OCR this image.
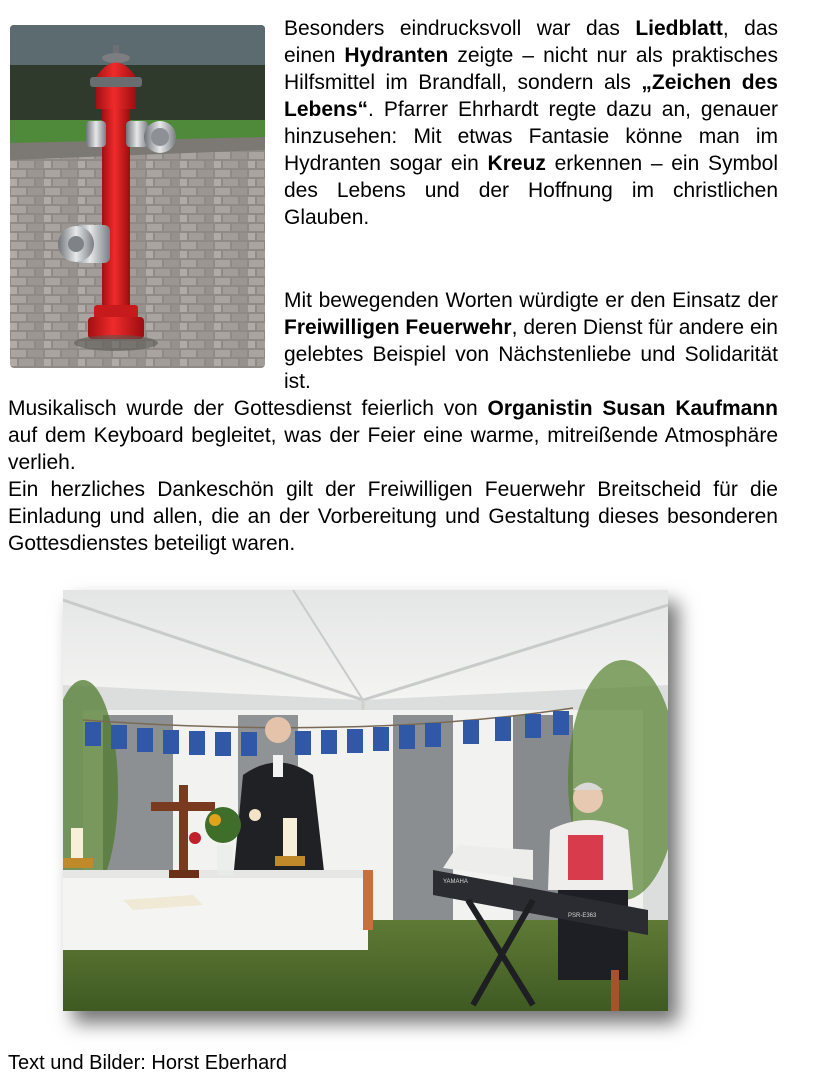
Besonders eindrucksvoll war das Liedblatt, das einen Hydranten zeigte – nicht nur als praktisches Hilfsmittel im Brandfall, sondern als „Zeichen des Lebens“. Pfarrer Ehrhardt regte dazu an, genauer hinzusehen: Mit etwas Fantasie könne man im Hydranten sogar ein Kreuz erkennen – ein Symbol des Lebens und der Hoffnung im christlichen Glauben.

Mit bewegenden Worten würdigte er den Einsatz der Freiwilligen Feuerwehr, deren Dienst für andere ein gelebtes Beispiel von Nächstenliebe und Solidarität ist.

Musikalisch wurde der Gottesdienst feierlich von Organistin Susan Kaufmann auf dem Keyboard begleitet, was der Feier eine warme, mitreißende Atmosphäre verlieh.

Ein herzliches Dankeschön gilt der Freiwilligen Feuerwehr Breitscheid für die Einladung und allen, die an der Vorbereitung und Gestaltung dieses besonderen Gottesdienstes beteiligt waren.

YAMAHA
PSR-E363

Text und Bilder: Horst Eberhard
